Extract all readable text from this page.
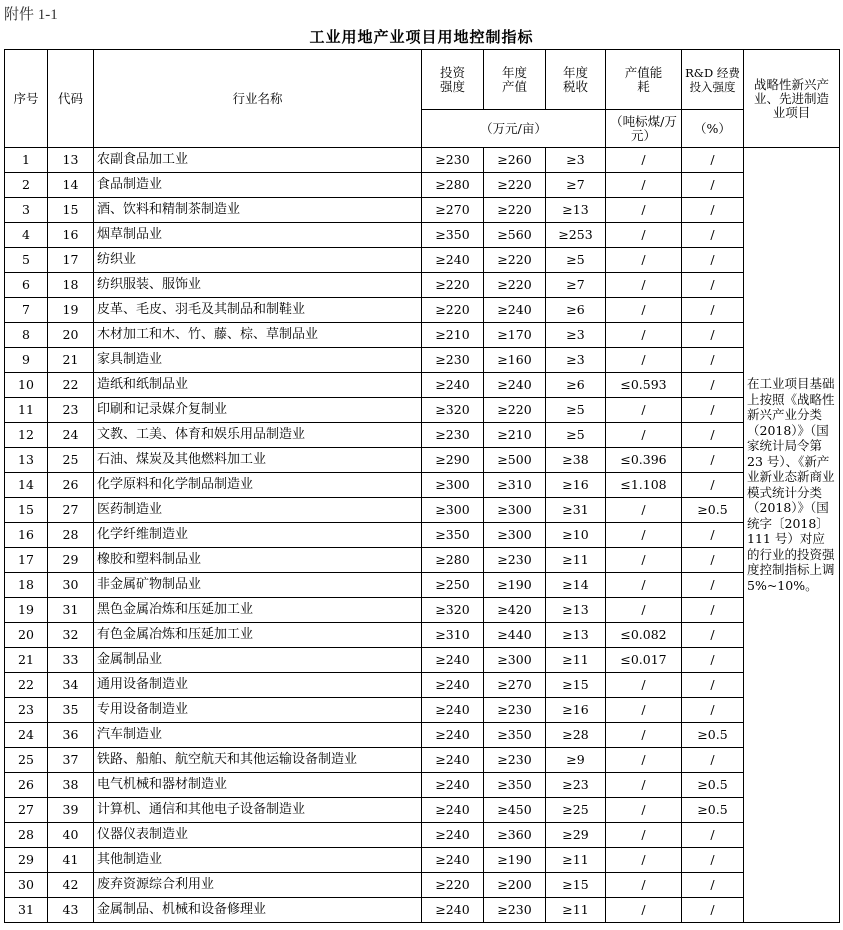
附件 1-1
工业用地产业项目用地控制指标
序号	代码	行业名称	投资强度	年度产值	年度税收	产值能耗	R&D 经费投入强度	战略性新兴产业、先进制造业项目
			（万元/亩）			（吨标煤/万元）	（%）	
1	13	农副食品加工业	≥230	≥260	≥3	/	/	在工业项目基础上按照《战略性新兴产业分类（2018）》（国家统计局令第 23 号）、《新产业新业态新商业模式统计分类（2018）》（国统字〔2018〕111 号）对应的行业的投资强度控制指标上调 5%~10%。
2	14	食品制造业	≥280	≥220	≥7	/	/	
3	15	酒、饮料和精制茶制造业	≥270	≥220	≥13	/	/	
4	16	烟草制品业	≥350	≥560	≥253	/	/	
5	17	纺织业	≥240	≥220	≥5	/	/	
6	18	纺织服装、服饰业	≥220	≥220	≥7	/	/	
7	19	皮革、毛皮、羽毛及其制品和制鞋业	≥220	≥240	≥6	/	/	
8	20	木材加工和木、竹、藤、棕、草制品业	≥210	≥170	≥3	/	/	
9	21	家具制造业	≥230	≥160	≥3	/	/	
10	22	造纸和纸制品业	≥240	≥240	≥6	≤0.593	/	
11	23	印刷和记录媒介复制业	≥320	≥220	≥5	/	/	
12	24	文教、工美、体育和娱乐用品制造业	≥230	≥210	≥5	/	/	
13	25	石油、煤炭及其他燃料加工业	≥290	≥500	≥38	≤0.396	/	
14	26	化学原料和化学制品制造业	≥300	≥310	≥16	≤1.108	/	
15	27	医药制造业	≥300	≥300	≥31	/	≥0.5	
16	28	化学纤维制造业	≥350	≥300	≥10	/	/	
17	29	橡胶和塑料制品业	≥280	≥230	≥11	/	/	
18	30	非金属矿物制品业	≥250	≥190	≥14	/	/	
19	31	黑色金属冶炼和压延加工业	≥320	≥420	≥13	/	/	
20	32	有色金属冶炼和压延加工业	≥310	≥440	≥13	≤0.082	/	
21	33	金属制品业	≥240	≥300	≥11	≤0.017	/	
22	34	通用设备制造业	≥240	≥270	≥15	/	/	
23	35	专用设备制造业	≥240	≥230	≥16	/	/	
24	36	汽车制造业	≥240	≥350	≥28	/	≥0.5	
25	37	铁路、船舶、航空航天和其他运输设备制造业	≥240	≥230	≥9	/	/	
26	38	电气机械和器材制造业	≥240	≥350	≥23	/	≥0.5	
27	39	计算机、通信和其他电子设备制造业	≥240	≥450	≥25	/	≥0.5	
28	40	仪器仪表制造业	≥240	≥360	≥29	/	/	
29	41	其他制造业	≥240	≥190	≥11	/	/	
30	42	废弃资源综合利用业	≥220	≥200	≥15	/	/	
31	43	金属制品、机械和设备修理业	≥240	≥230	≥11	/	/	
